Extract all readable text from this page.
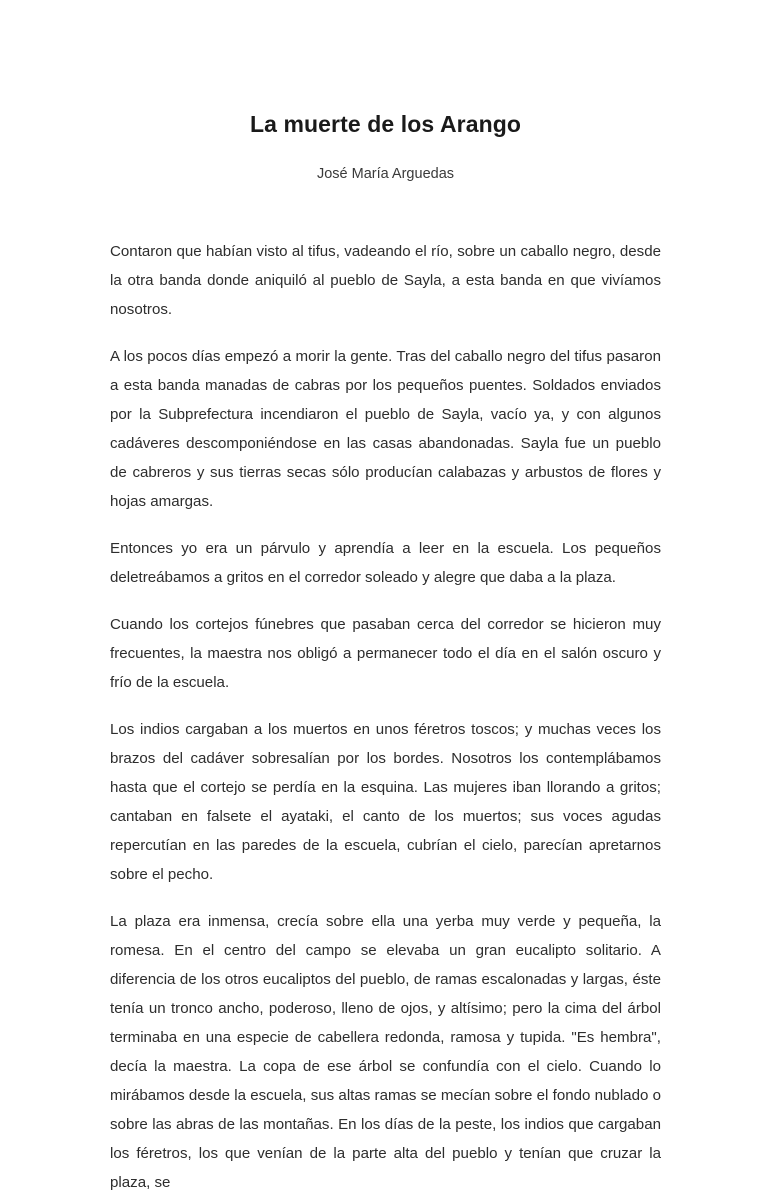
La muerte de los Arango

José María Arguedas

Contaron que habían visto al tifus, vadeando el río, sobre un caballo negro, desde la otra banda donde aniquiló al pueblo de Sayla, a esta banda en que vivíamos nosotros.

A los pocos días empezó a morir la gente. Tras del caballo negro del tifus pasaron a esta banda manadas de cabras por los pequeños puentes. Soldados enviados por la Subprefectura incendiaron el pueblo de Sayla, vacío ya, y con algunos cadáveres descomponiéndose en las casas abandonadas. Sayla fue un pueblo de cabreros y sus tierras secas sólo producían calabazas y arbustos de flores y hojas amargas.

Entonces yo era un párvulo y aprendía a leer en la escuela. Los pequeños deletreábamos a gritos en el corredor soleado y alegre que daba a la plaza.

Cuando los cortejos fúnebres que pasaban cerca del corredor se hicieron muy frecuentes, la maestra nos obligó a permanecer todo el día en el salón oscuro y frío de la escuela.

Los indios cargaban a los muertos en unos féretros toscos; y muchas veces los brazos del cadáver sobresalían por los bordes. Nosotros los contemplábamos hasta que el cortejo se perdía en la esquina. Las mujeres iban llorando a gritos; cantaban en falsete el ayataki, el canto de los muertos; sus voces agudas repercutían en las paredes de la escuela, cubrían el cielo, parecían apretarnos sobre el pecho.

La plaza era inmensa, crecía sobre ella una yerba muy verde y pequeña, la romesa. En el centro del campo se elevaba un gran eucalipto solitario. A diferencia de los otros eucaliptos del pueblo, de ramas escalonadas y largas, éste tenía un tronco ancho, poderoso, lleno de ojos, y altísimo; pero la cima del árbol terminaba en una especie de cabellera redonda, ramosa y tupida. "Es hembra", decía la maestra. La copa de ese árbol se confundía con el cielo. Cuando lo mirábamos desde la escuela, sus altas ramas se mecían sobre el fondo nublado o sobre las abras de las montañas. En los días de la peste, los indios que cargaban los féretros, los que venían de la parte alta del pueblo y tenían que cruzar la plaza, se
